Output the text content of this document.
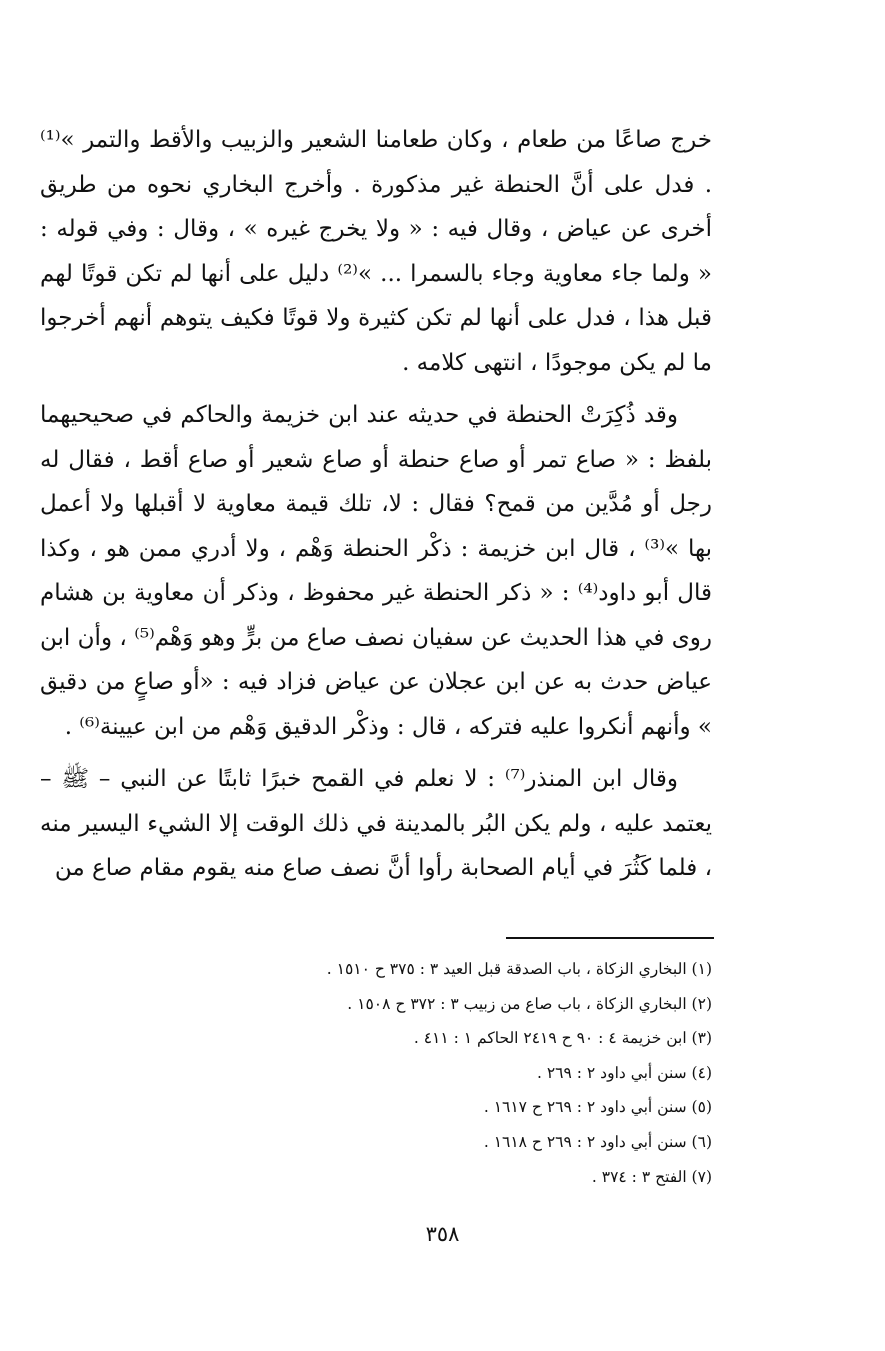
خرج صاعًا من طعام ، وكان طعامنا الشعير والزبيب والأقط والتمر »⁽¹⁾ . فدل على أنَّ الحنطة غير مذكورة . وأخرج البخاري نحوه من طريق أخرى عن عياض ، وقال فيه : « ولا يخرج غيره » ، وقال : وفي قوله : « ولما جاء معاوية وجاء بالسمرا ... »⁽²⁾ دليل على أنها لم تكن قوتًا لهم قبل هذا ، فدل على أنها لم تكن كثيرة ولا قوتًا فكيف يتوهم أنهم أخرجوا ما لم يكن موجودًا ، انتهى كلامه .

وقد ذُكِرَتْ الحنطة في حديثه عند ابن خزيمة والحاكم في صحيحيهما بلفظ : « صاع تمر أو صاع حنطة أو صاع شعير أو صاع أقط ، فقال له رجل أو مُدَّين من قمح؟ فقال : لا، تلك قيمة معاوية لا أقبلها ولا أعمل بها »⁽³⁾ ، قال ابن خزيمة : ذكْر الحنطة وَهْم ، ولا أدري ممن هو ، وكذا قال أبو داود⁽⁴⁾ : « ذكر الحنطة غير محفوظ ، وذكر أن معاوية بن هشام روى في هذا الحديث عن سفيان نصف صاع من برٍّ وهو وَهْم⁽⁵⁾ ، وأن ابن عياض حدث به عن ابن عجلان عن عياض فزاد فيه : «أو صاعٍ من دقيق » وأنهم أنكروا عليه فتركه ، قال : وذكْر الدقيق وَهْم من ابن عيينة⁽⁶⁾ .

وقال ابن المنذر⁽⁷⁾ : لا نعلم في القمح خبرًا ثابتًا عن النبي – ﷺ – يعتمد عليه ، ولم يكن البُر بالمدينة في ذلك الوقت إلا الشيء اليسير منه ، فلما كَثُرَ في أيام الصحابة رأوا أنَّ نصف صاع منه يقوم مقام صاع من

(١) البخاري الزكاة ، باب الصدقة قبل العيد ٣ : ٣٧٥ ح ١٥١٠ .
(٢) البخاري الزكاة ، باب صاع من زبيب ٣ : ٣٧٢ ح ١٥٠٨ .
(٣) ابن خزيمة ٤ : ٩٠ ح ٢٤١٩ الحاكم ١ : ٤١١ .
(٤) سنن أبي داود ٢ : ٢٦٩ .
(٥) سنن أبي داود ٢ : ٢٦٩ ح ١٦١٧ .
(٦) سنن أبي داود ٢ : ٢٦٩ ح ١٦١٨ .
(٧) الفتح ٣ : ٣٧٤ .
٣٥٨
